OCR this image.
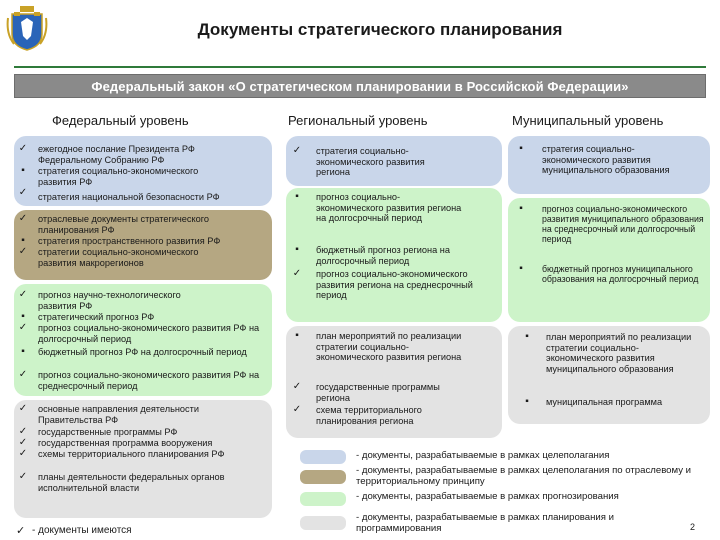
Документы стратегического планирования
Федеральный закон «О стратегическом планировании в Российской Федерации»
Федеральный уровень	Региональный уровень	Муниципальный уровень
✓ ежегодное послание Президента РФ Федеральному Собранию РФ
▪	стратегия социально-экономического развития РФ
✓ стратегия национальной безопасности РФ
✓ отраслевые документы стратегического планирования РФ
▪	стратегия пространственного развития РФ
✓ стратегии социально-экономического развития макрорегионов
✓ прогноз научно-технологического развития РФ
▪	стратегический прогноз РФ
✓ прогноз социально-экономического развития РФ на долгосрочный период
▪	бюджетный прогноз РФ на долгосрочный период
✓ прогноз социально-экономического развития РФ на среднесрочный период
✓ основные направления деятельности Правительства РФ
✓ государственные программы РФ
✓ государственная программа вооружения
✓ схемы территориального планирования РФ
✓ планы деятельности федеральных органов исполнительной власти
✓ стратегия социально-экономического развития региона
▪	прогноз социально-экономического развития региона на долгосрочный период
▪	бюджетный прогноз региона на долгосрочный период
✓ прогноз социально-экономического развития региона на среднесрочный период
▪	план мероприятий по реализации стратегии социально-экономического развития региона
✓ государственные программы региона
✓ схема территориального планирования региона
▪	стратегия социально-экономического развития муниципального образования
▪	прогноз социально-экономического развития муниципального образования на среднесрочный или долгосрочный период
▪	бюджетный прогноз муниципального образования на долгосрочный период
▪	план мероприятий по реализации стратегии социально-экономического развития муниципального образования
▪	муниципальная программа
- документы, разрабатываемые в рамках целеполагания
- документы, разрабатываемые в рамках целеполагания по отраслевому и территориальному принципу
- документы, разрабатываемые в рамках прогнозирования
- документы, разрабатываемые в рамках планирования и программирования
✓ - документы имеются	2
